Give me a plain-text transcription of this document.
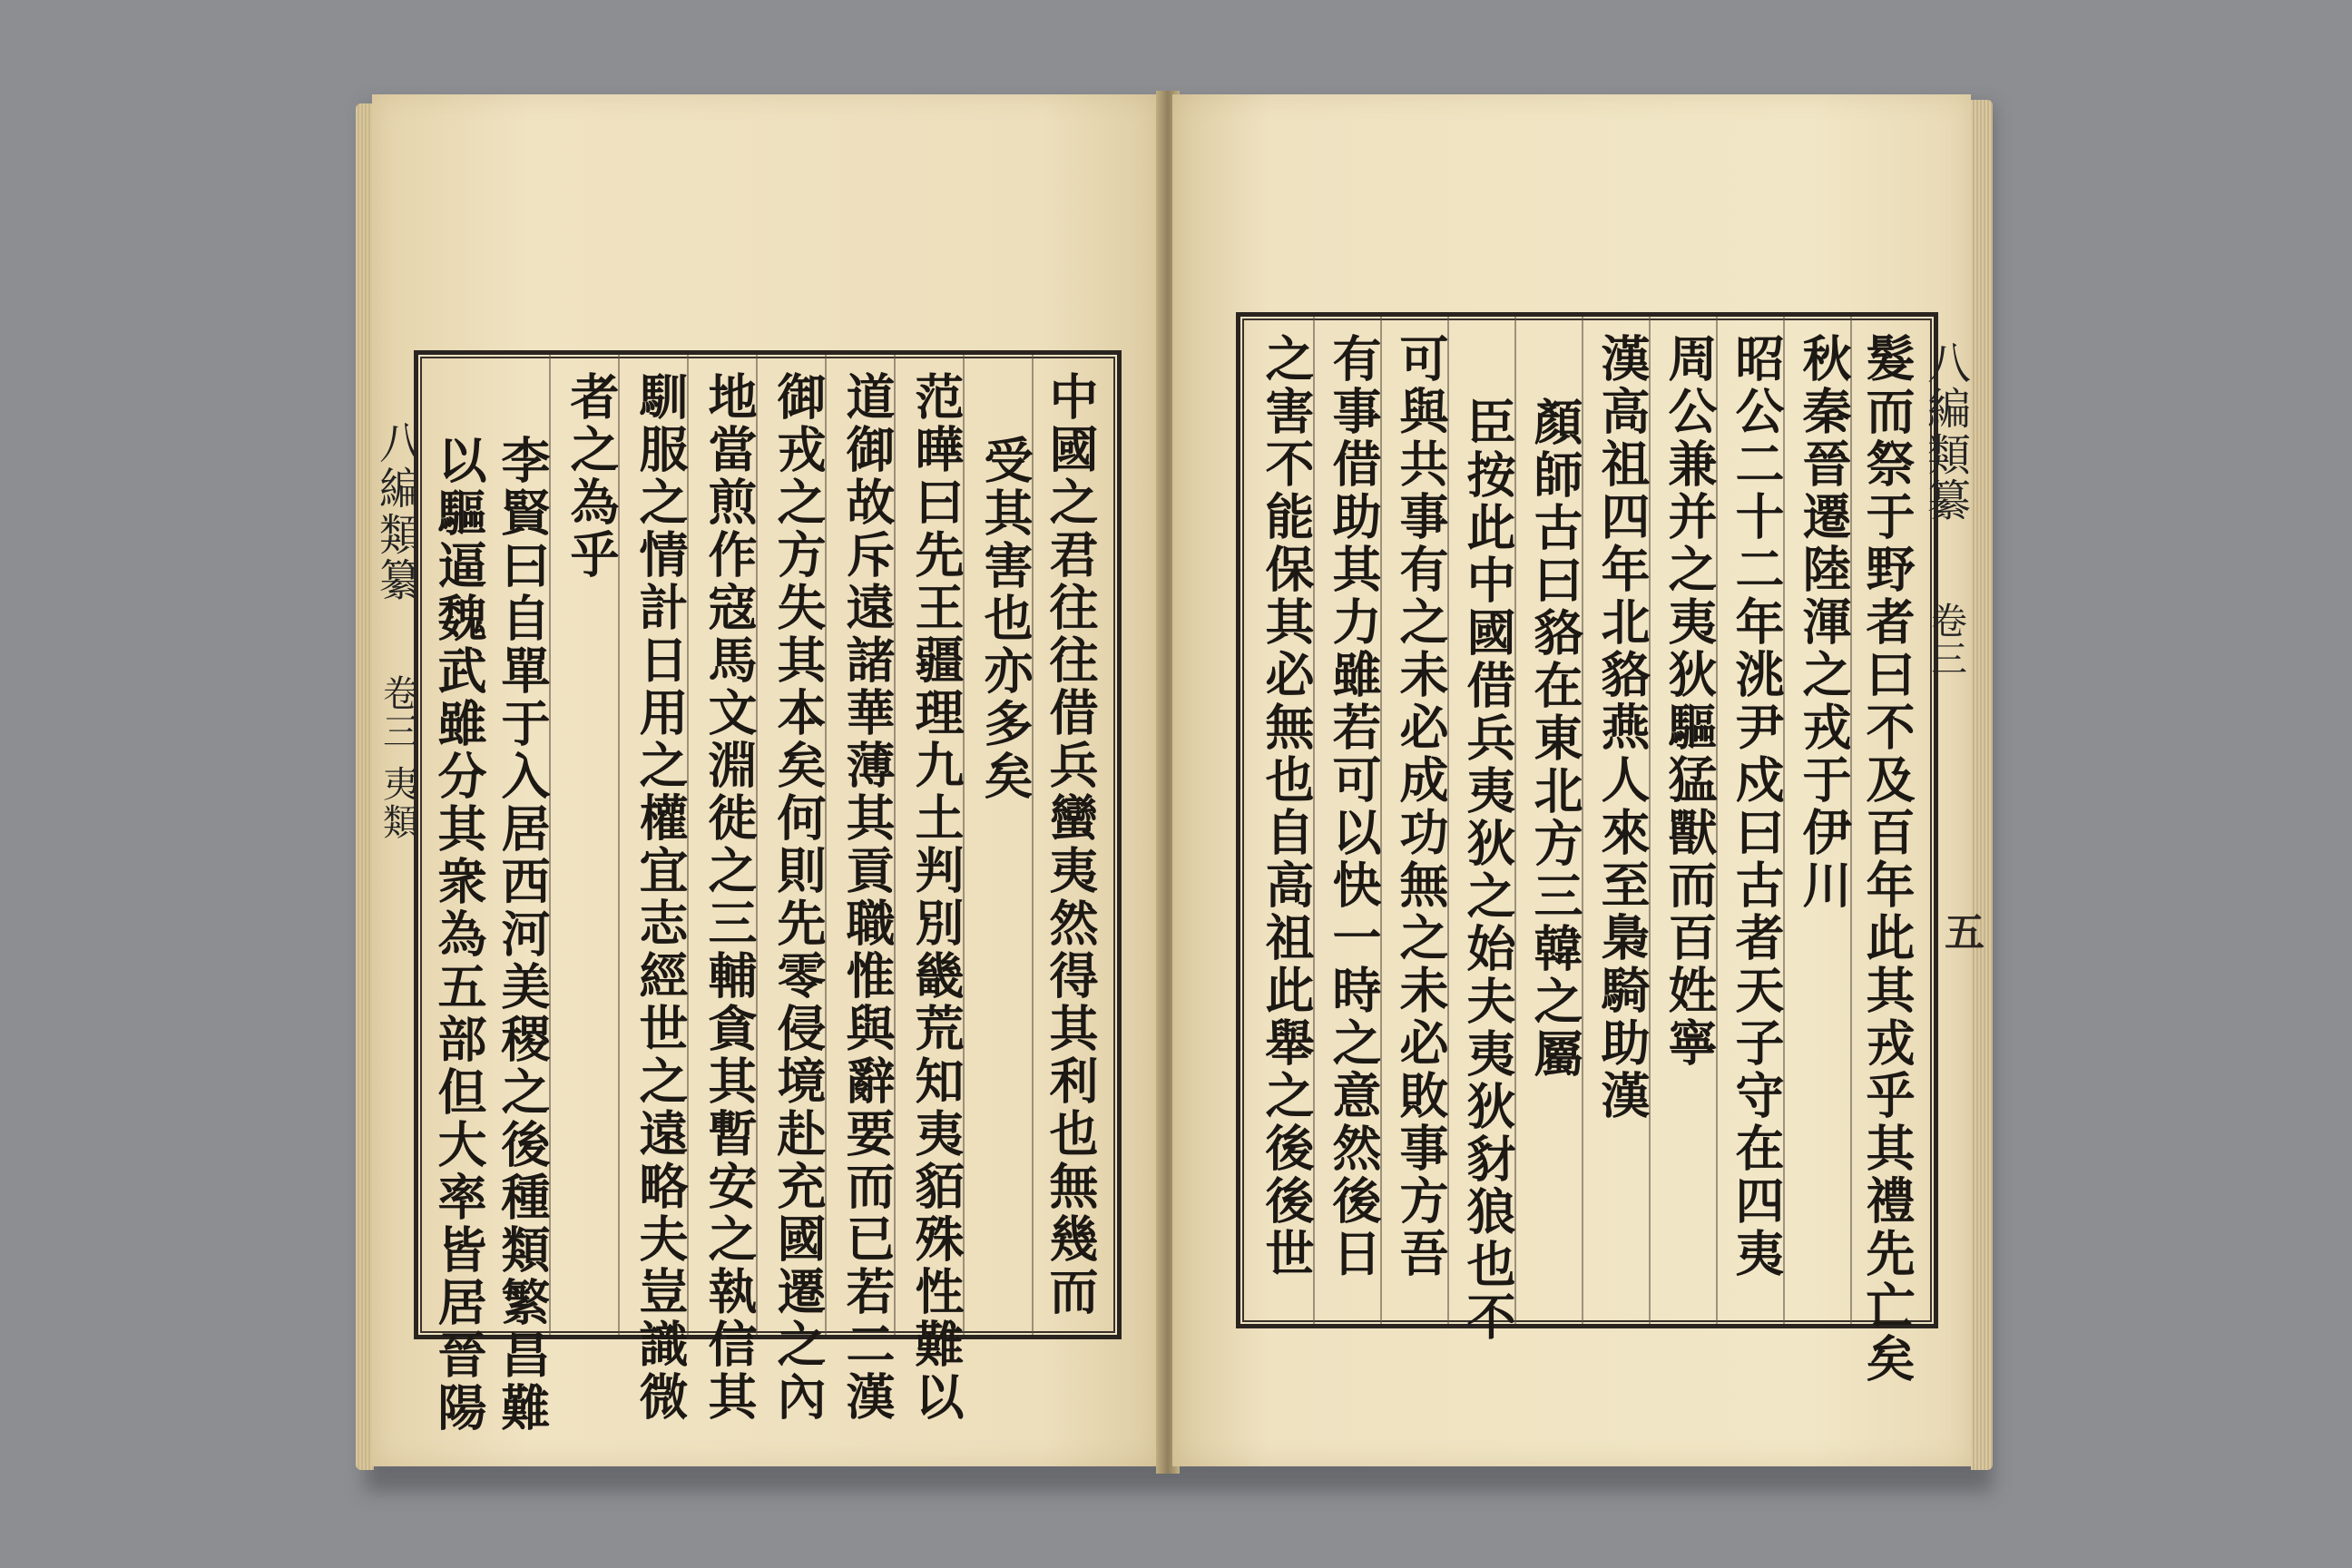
八編類纂
卷三
夷類	中國之君往往借兵蠻夷然得其利也無幾而
受其害也亦多矣
范曄曰先王疆理九土判別畿荒知夷貊殊性難以
道御故斥遠諸華薄其貢職惟與辭要而已若二漢
御戎之方失其本矣何則先零侵境赴充國遷之內
地當煎作寇馬文淵徙之三輔貪其暫安之執信其
馴服之情計日用之權宜志經世之遠略夫豈識微
者之為乎
李賢曰自單于入居西河美稷之後種類繁昌難
以驅逼魏武雖分其衆為五部但大率皆居晉陽	髮而祭于野者曰不及百年此其戎乎其禮先亡矣
秋秦晉遷陸渾之戎于伊川
昭公二十二年洮尹戍曰古者天子守在四夷
周公兼并之夷狄驅猛獸而百姓寧
漢高祖四年北貉燕人來至梟騎助漢
顏師古曰貉在東北方三韓之屬
臣按此中國借兵夷狄之始夫夷狄豺狼也不
可與共事有之未必成功無之未必敗事方吾
有事借助其力雖若可以快一時之意然後日
之害不能保其必無也自高祖此舉之後後世	八編類纂
卷三
五
